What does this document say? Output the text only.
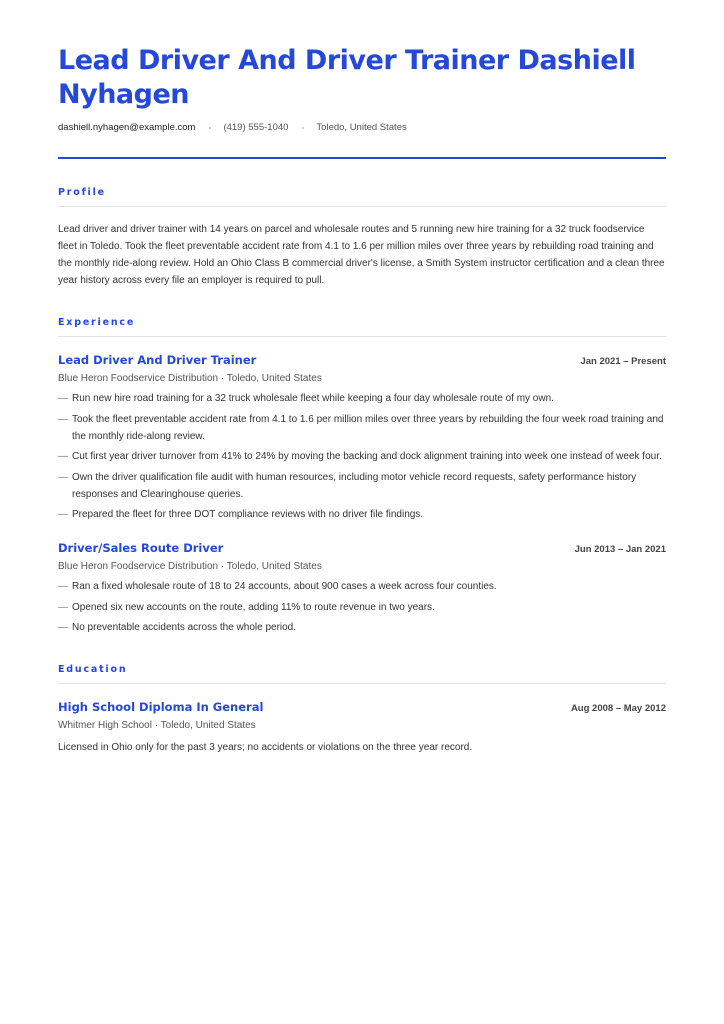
Lead Driver And Driver Trainer Dashiell Nyhagen
dashiell.nyhagen@example.com	(419) 555-1040	Toledo, United States
Profile

Lead driver and driver trainer with 14 years on parcel and wholesale routes and 5 running new hire training for a 32 truck foodservice fleet in Toledo. Took the fleet preventable accident rate from 4.1 to 1.6 per million miles over three years by rebuilding road training and the monthly ride-along review. Hold an Ohio Class B commercial driver's license, a Smith System instructor certification and a clean three year history across every file an employer is required to pull.

Experience
Lead Driver And Driver Trainer	Jan 2021 – Present
Blue Heron Foodservice Distribution · Toledo, United States
— Run new hire road training for a 32 truck wholesale fleet while keeping a four day wholesale route of my own.
— Took the fleet preventable accident rate from 4.1 to 1.6 per million miles over three years by rebuilding the four week road training and the monthly ride-along review.
— Cut first year driver turnover from 41% to 24% by moving the backing and dock alignment training into week one instead of week four.
— Own the driver qualification file audit with human resources, including motor vehicle record requests, safety performance history responses and Clearinghouse queries.
— Prepared the fleet for three DOT compliance reviews with no driver file findings.
Driver/Sales Route Driver	Jun 2013 – Jan 2021
Blue Heron Foodservice Distribution · Toledo, United States
— Ran a fixed wholesale route of 18 to 24 accounts, about 900 cases a week across four counties.
— Opened six new accounts on the route, adding 11% to route revenue in two years.
— No preventable accidents across the whole period.
Education
High School Diploma In General	Aug 2008 – May 2012
Whitmer High School · Toledo, United States
Licensed in Ohio only for the past 3 years; no accidents or violations on the three year record.
